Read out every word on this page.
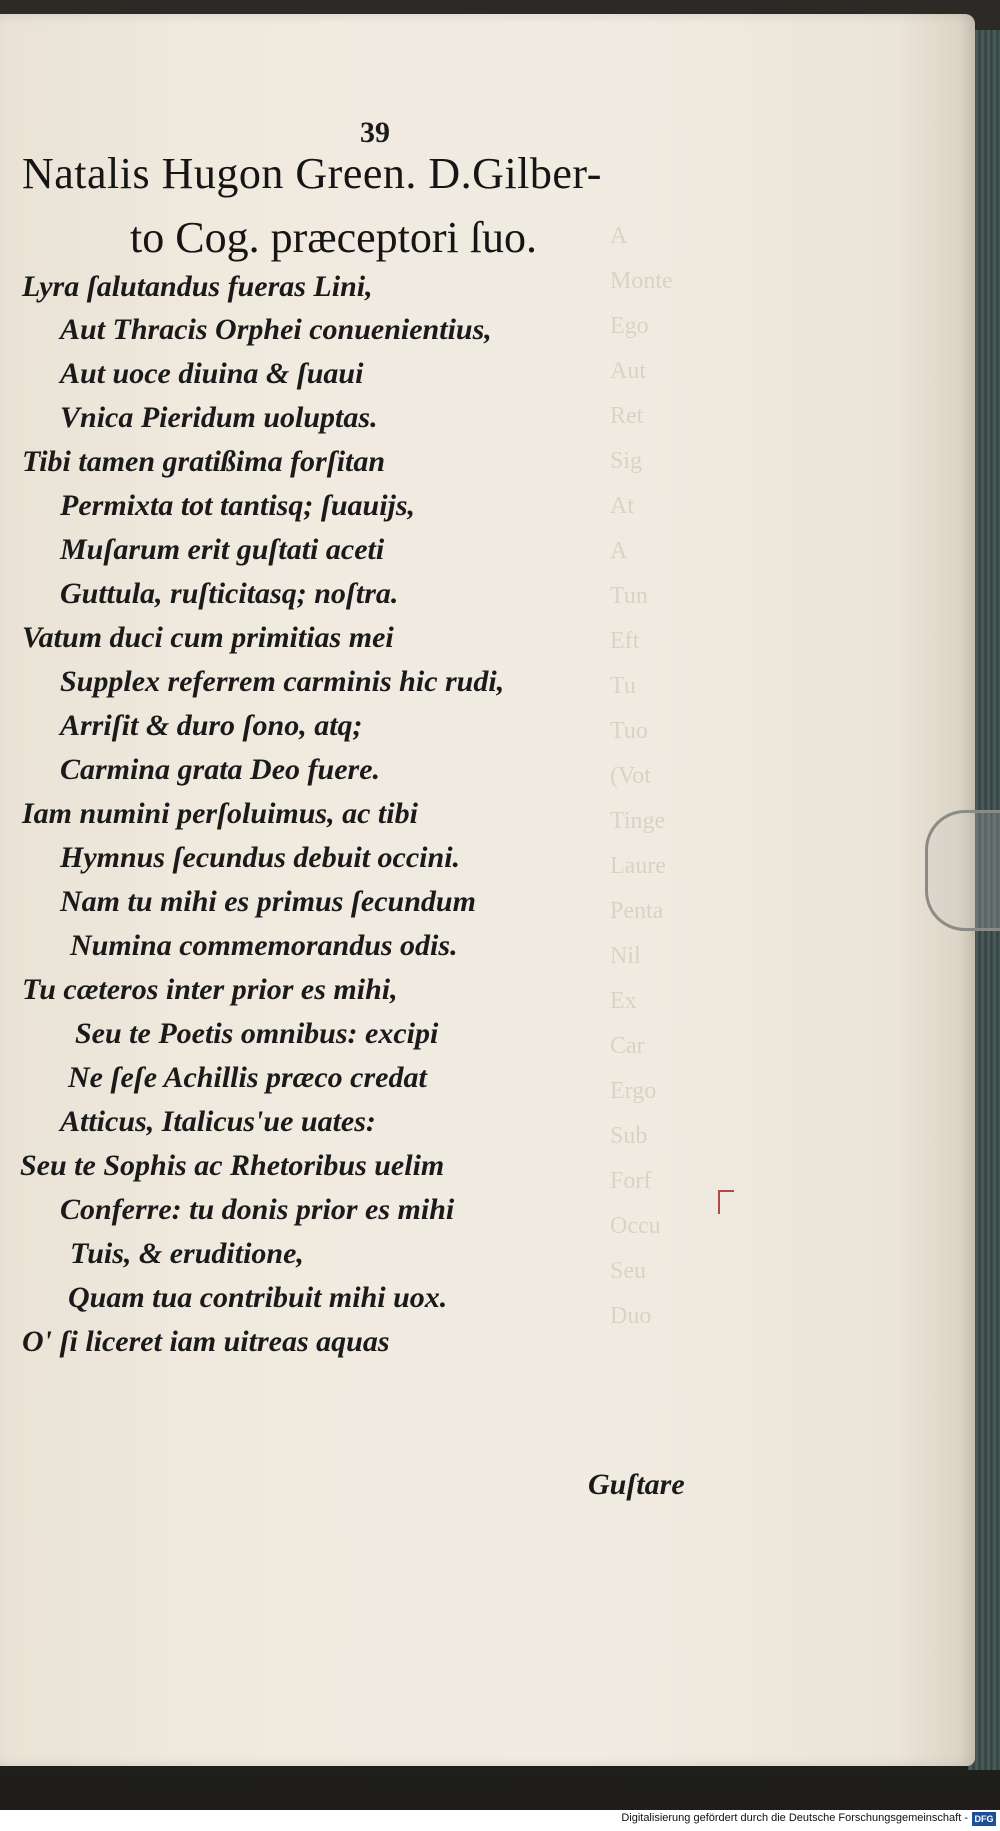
A
Monte
Ego
Aut
Ret
Sig
At
A
Tun
Eft
Tu
Tuo
(Vot
Tinge
Laure
Penta
Nil
Ex
Car
Ergo
Sub
Forf
Occu
Seu
Duo
39
Natalis Hugon Green. D.Gilber-
to Cog. præceptori ſuo.
Lyra ſalutandus fueras Lini,
Aut Thracis Orphei conuenientius,
Aut uoce diuina & ſuaui
Vnica Pieridum uoluptas.
Tibi tamen gratißima forſitan
Permixta tot tantisq; ſuauijs,
Muſarum erit guſtati aceti
Guttula, ruſticitasq; noſtra.
Vatum duci cum primitias mei
Supplex referrem carminis hic rudi,
Arriſit & duro ſono, atq;
Carmina grata Deo fuere.
Iam numini perſoluimus, ac tibi
Hymnus ſecundus debuit occini.
Nam tu mihi es primus ſecundum
Numina commemorandus odis.
Tu cæteros inter prior es mihi,
Seu te Poetis omnibus: excipi
Ne ſeſe Achillis præco credat
Atticus, Italicus'ue uates:
Seu te Sophis ac Rhetoribus uelim
Conferre: tu donis prior es mihi
Tuis, & eruditione,
Quam tua contribuit mihi uox.
O' ſi liceret iam uitreas aquas
Guſtare
Digitalisierung gefördert durch die Deutsche Forschungsgemeinschaft - DFG
